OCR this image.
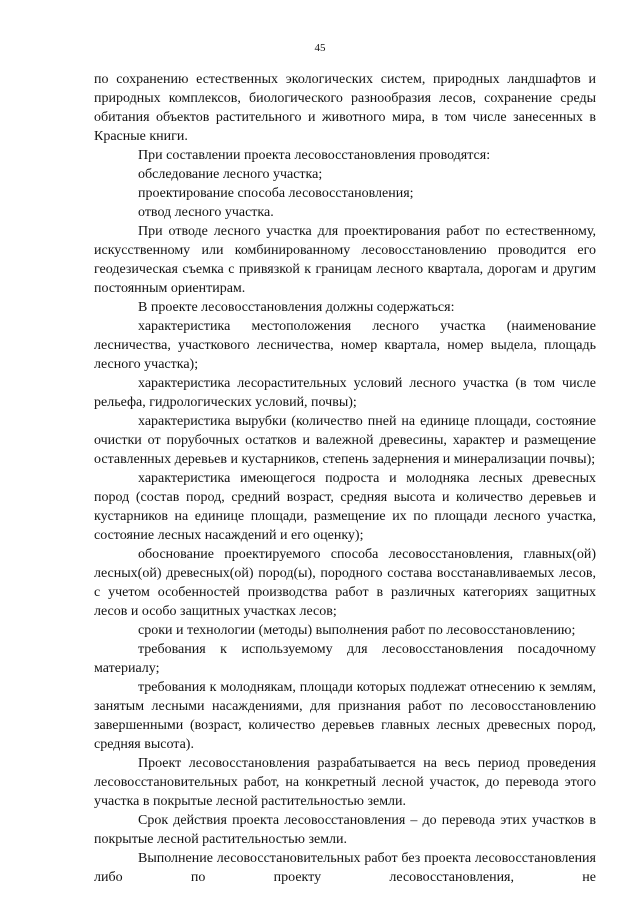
45

по сохранению естественных экологических систем, природных ландшафтов и природных комплексов, биологического разнообразия лесов, сохранение среды обитания объектов растительного и животного мира, в том числе занесенных в Красные книги.

При составлении проекта лесовосстановления проводятся:

обследование лесного участка;

проектирование способа лесовосстановления;

отвод лесного участка.

При отводе лесного участка для проектирования работ по естественному, искусственному или комбинированному лесовосстановлению проводится его геодезическая съемка с привязкой к границам лесного квартала, дорогам и другим постоянным ориентирам.

В проекте лесовосстановления должны содержаться:

характеристика местоположения лесного участка (наименование лесничества, участкового лесничества, номер квартала, номер выдела, площадь лесного участка);

характеристика лесорастительных условий лесного участка (в том числе рельефа, гидрологических условий, почвы);

характеристика вырубки (количество пней на единице площади, состояние очистки от порубочных остатков и валежной древесины, характер и размещение оставленных деревьев и кустарников, степень задернения и минерализации почвы);

характеристика имеющегося подроста и молодняка лесных древесных пород (состав пород, средний возраст, средняя высота и количество деревьев и кустарников на единице площади, размещение их по площади лесного участка, состояние лесных насаждений и его оценку);

обоснование проектируемого способа лесовосстановления, главных(ой) лесных(ой) древесных(ой) пород(ы), породного состава восстанавливаемых лесов, с учетом особенностей производства работ в различных категориях защитных лесов и особо защитных участках лесов;

сроки и технологии (методы) выполнения работ по лесовосстановлению;

требования к используемому для лесовосстановления посадочному материалу;

требования к молоднякам, площади которых подлежат отнесению к землям, занятым лесными насаждениями, для признания работ по лесовосстановлению завершенными (возраст, количество деревьев главных лесных древесных пород, средняя высота).

Проект лесовосстановления разрабатывается на весь период проведения лесовосстановительных работ, на конкретный лесной участок, до перевода этого участка в покрытые лесной растительностью земли.

Срок действия проекта лесовосстановления – до перевода этих участков в покрытые лесной растительностью земли.

Выполнение лесовосстановительных работ без проекта лесовосстановления либо по проекту лесовосстановления, не
